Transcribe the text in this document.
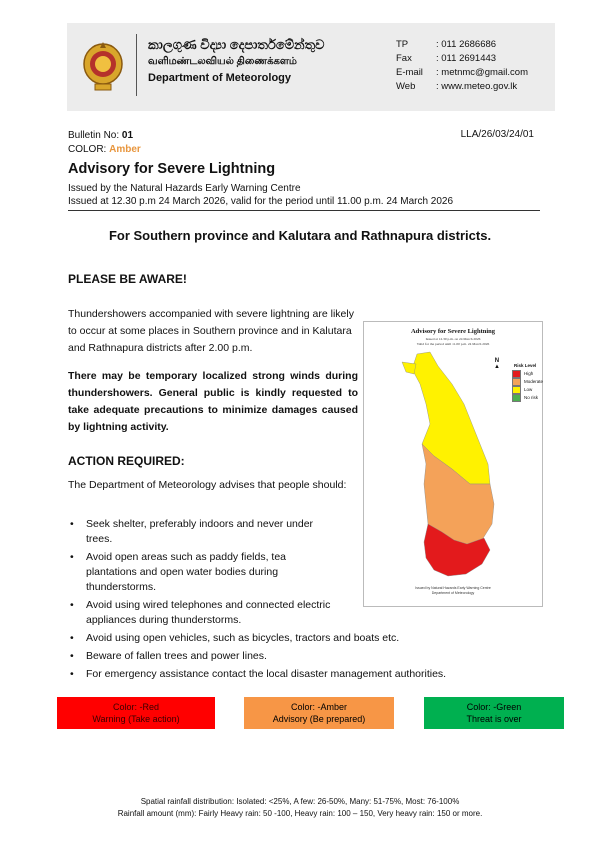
කාලගුණ විද්‍යා දෙපාර්තමේන්තුව
வளிமண்டலவியல் திணைக்களம்
Department of Meteorology
TP	: 011 2686686
Fax	: 011 2691443
E-mail	: metnmc@gmail.com
Web	: www.meteo.gov.lk
Bulletin No: 01
COLOR: Amber
LLA/26/03/24/01
Advisory for Severe Lightning
Issued by the Natural Hazards Early Warning Centre
Issued at 12.30 p.m 24 March 2026, valid for the period until 11.00 p.m. 24 March 2026
For Southern province and Kalutara and Rathnapura districts.
PLEASE BE AWARE!
Thundershowers accompanied with severe lightning are likely to occur at some places in Southern province and in Kalutara and Rathnapura districts after 2.00 p.m.
There may be temporary localized strong winds during thundershowers. General public is kindly requested to take adequate precautions to minimize damages caused by lightning activity.
ACTION REQUIRED:
The Department of Meteorology advises that people should:
• Seek shelter, preferably indoors and never under trees.
• Avoid open areas such as paddy fields, tea plantations and open water bodies during thunderstorms.
• Avoid using wired telephones and connected electric appliances during thunderstorms.
• Avoid using open vehicles, such as bicycles, tractors and boats etc.
• Beware of fallen trees and power lines.
• For emergency assistance contact the local disaster management authorities.
Advisory for Severe Lightning
Issued at 12.30 p.m. on 24 March 2026
Valid for the period until 11.00 p.m. 24 March 2026
N
▲	Risk Level
High
Moderate
Low
No risk
Issued by Natural Hazards Early Warning Centre
Department of Meteorology
Color: -Red
Warning (Take action)
Color: -Amber
Advisory (Be prepared)
Color: -Green
Threat is over
Spatial rainfall distribution: Isolated: <25%, A few: 26-50%, Many: 51-75%, Most: 76-100%
Rainfall amount (mm): Fairly Heavy rain: 50 -100, Heavy rain: 100 – 150, Very heavy rain: 150 or more.
